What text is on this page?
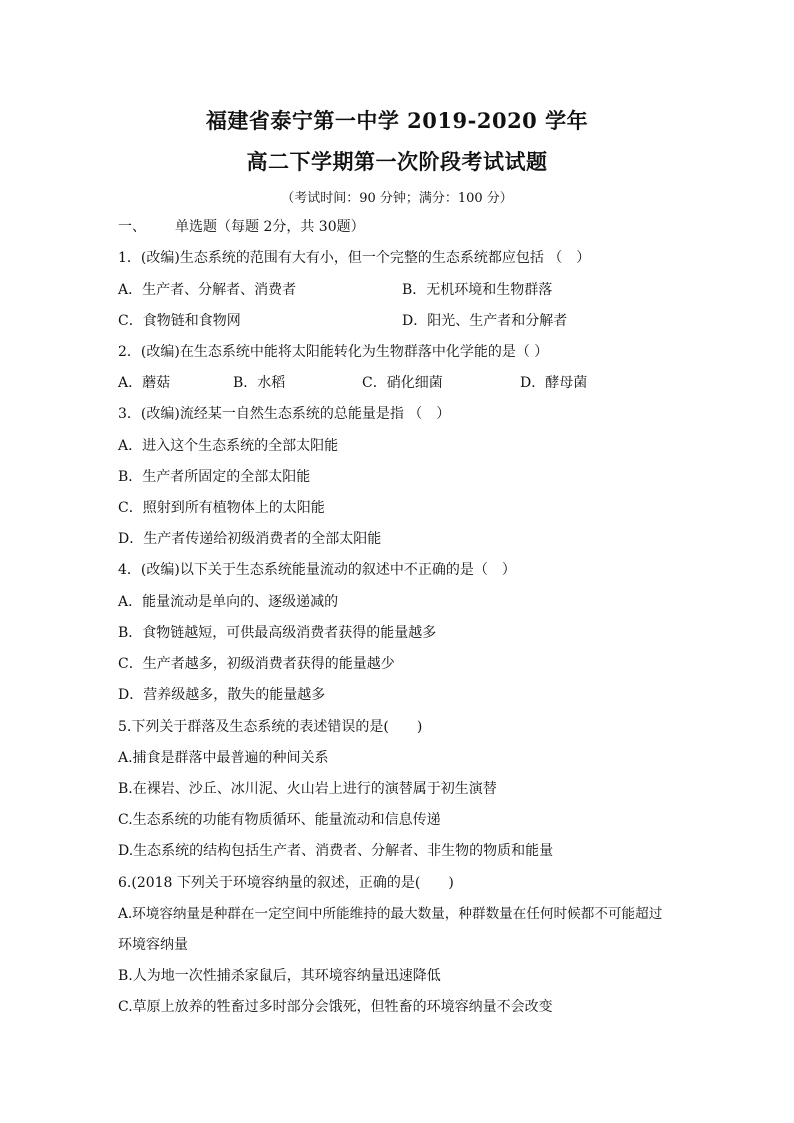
福建省泰宁第一中学 2019-2020 学年
高二下学期第一次阶段考试试题
（考试时间：90 分钟；满分：100 分）
一、 单选题（每题 2分，共 30题）
1．(改编)生态系统的范围有大有小，但一个完整的生态系统都应包括 （　）
A．生产者、分解者、消费者	B．无机环境和生物群落
C．食物链和食物网	D．阳光、生产者和分解者
2．(改编)在生态系统中能将太阳能转化为生物群落中化学能的是（ ）
A．蘑菇	B．水稻	C．硝化细菌	D．酵母菌
3．(改编)流经某一自然生态系统的总能量是指 （　）
A．进入这个生态系统的全部太阳能
B．生产者所固定的全部太阳能
C．照射到所有植物体上的太阳能
D．生产者传递给初级消费者的全部太阳能
4．(改编)以下关于生态系统能量流动的叙述中不正确的是（　）
A．能量流动是单向的、逐级递减的
B．食物链越短，可供最高级消费者获得的能量越多
C．生产者越多，初级消费者获得的能量越少
D．营养级越多，散失的能量越多
5.下列关于群落及生态系统的表述错误的是(　　)
A.捕食是群落中最普遍的种间关系
B.在裸岩、沙丘、冰川泥、火山岩上进行的演替属于初生演替
C.生态系统的功能有物质循环、能量流动和信息传递
D.生态系统的结构包括生产者、消费者、分解者、非生物的物质和能量
6.(2018 下列关于环境容纳量的叙述，正确的是(　　)
A.环境容纳量是种群在一定空间中所能维持的最大数量，种群数量在任何时候都不可能超过
环境容纳量
B.人为地一次性捕杀家鼠后，其环境容纳量迅速降低
C.草原上放养的牲畜过多时部分会饿死，但牲畜的环境容纳量不会改变
